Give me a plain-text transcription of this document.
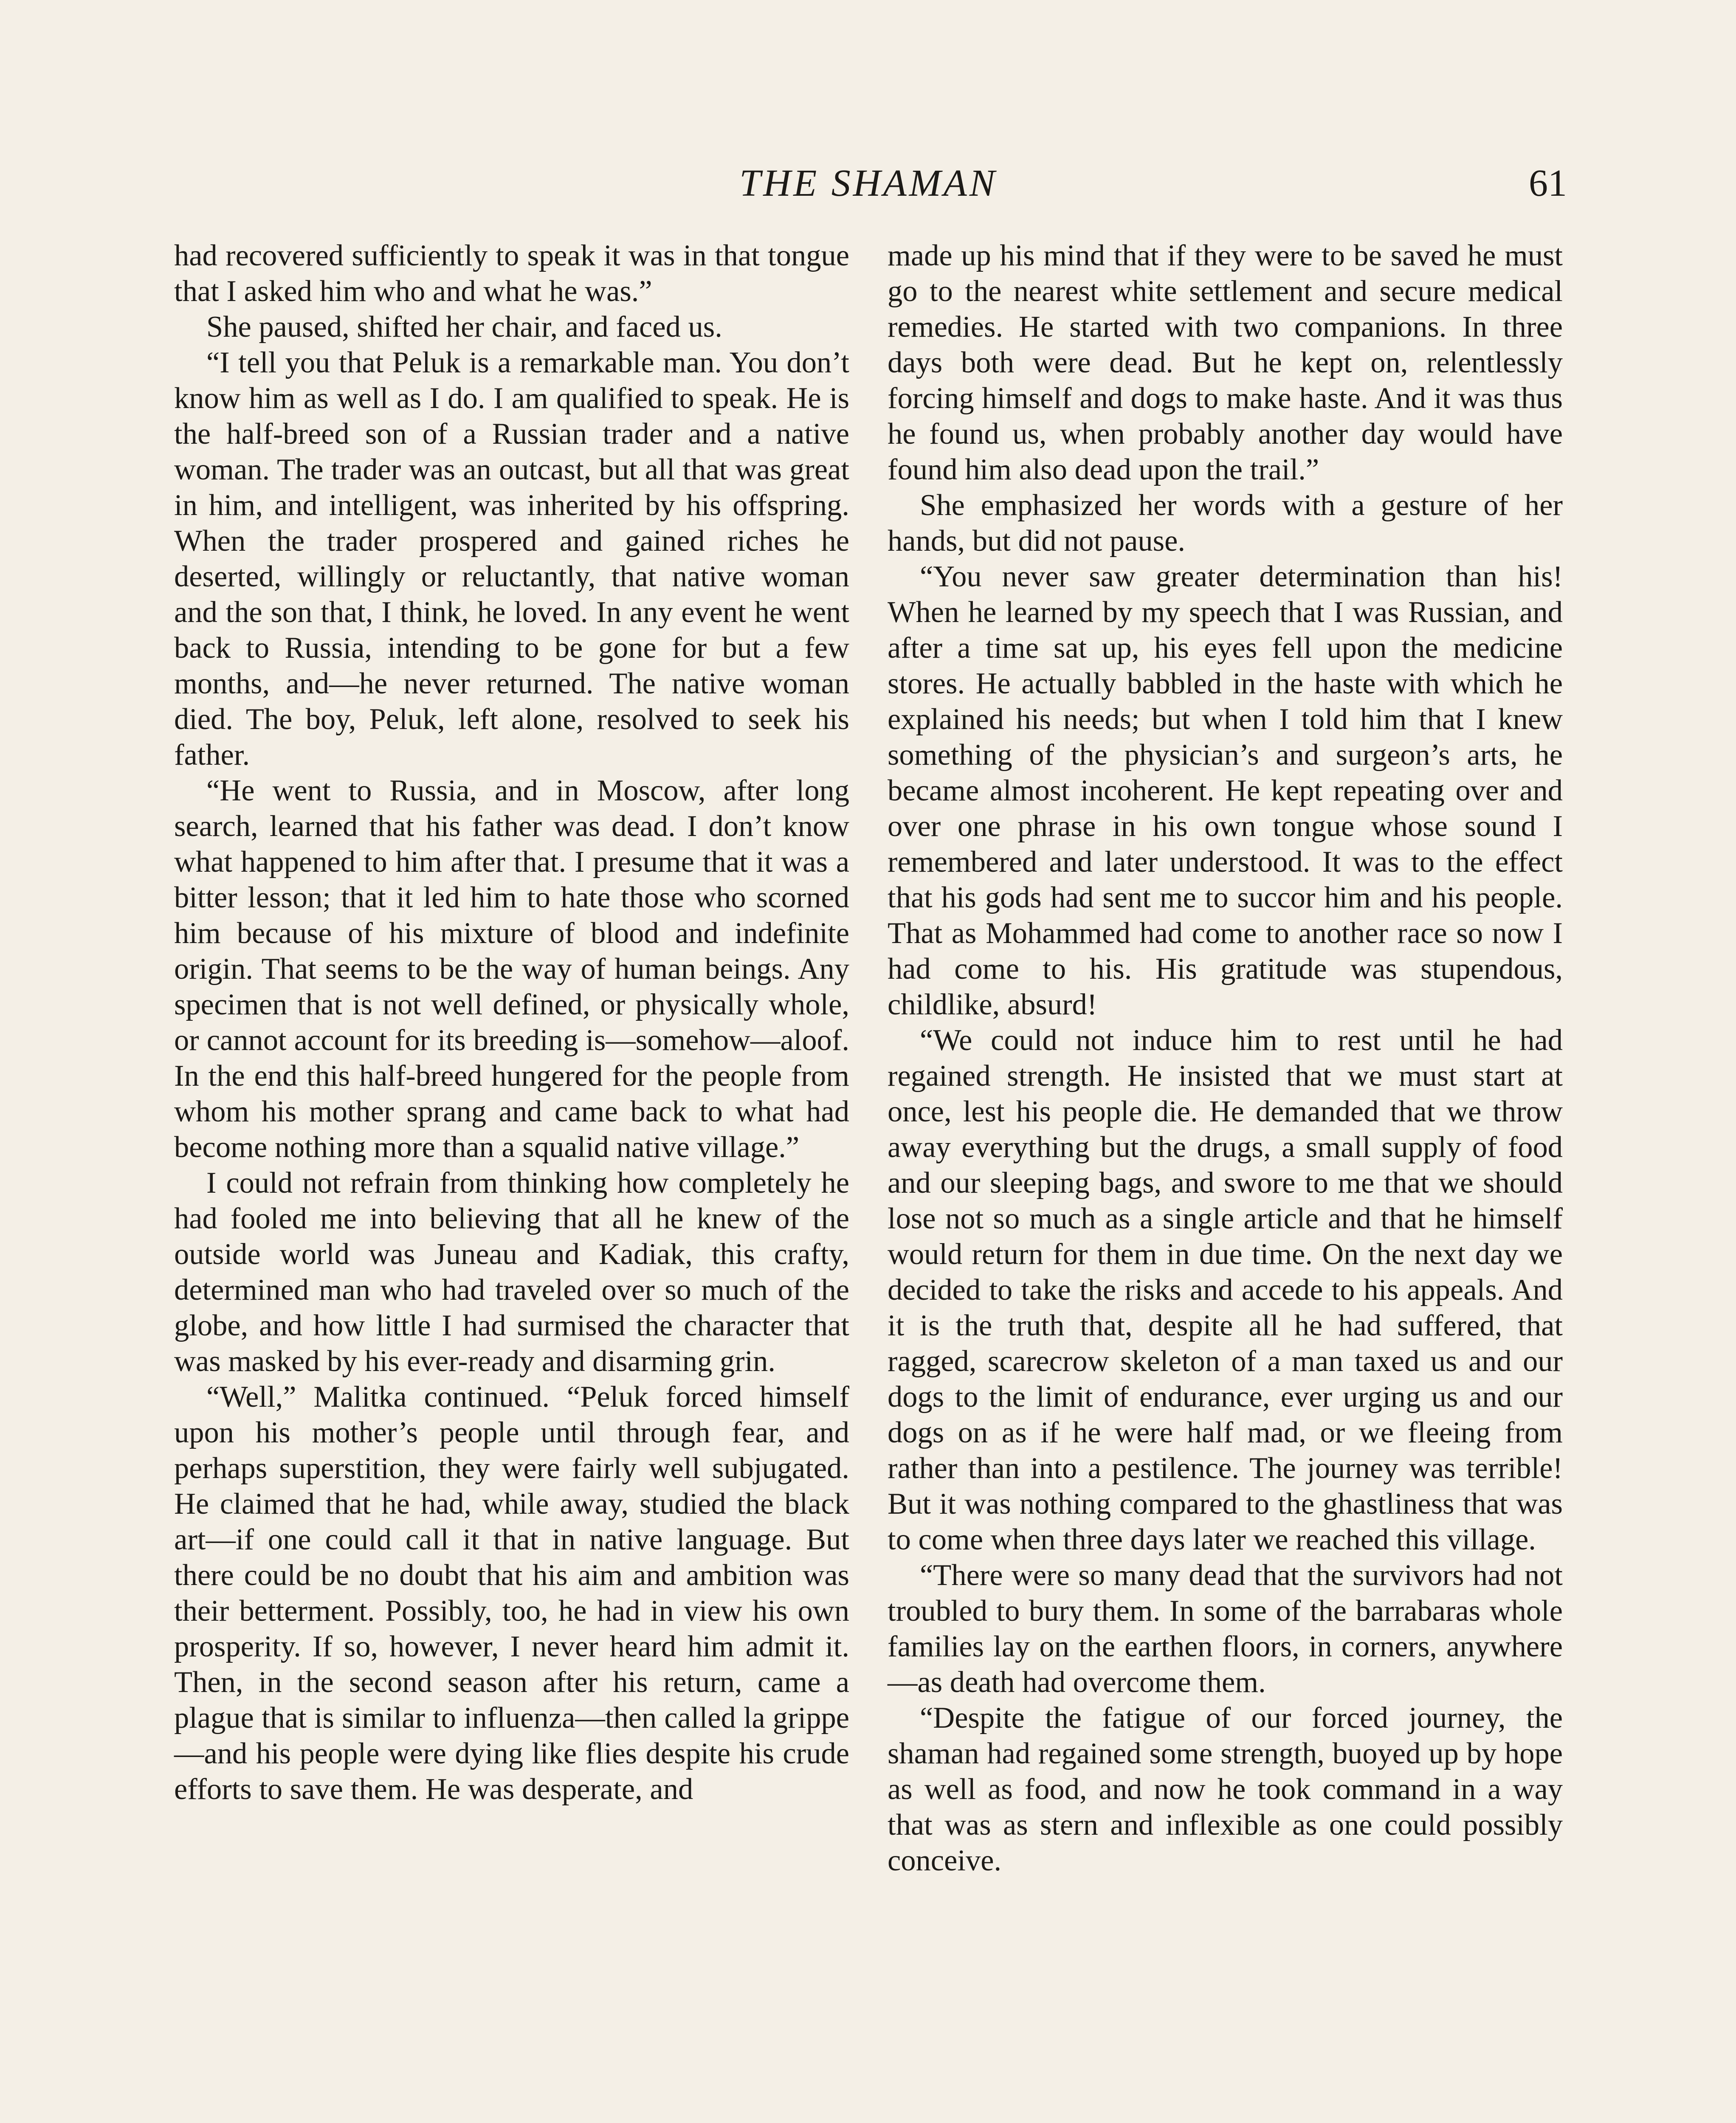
THE SHAMAN	61

had recovered sufficiently to speak it was in that tongue that I asked him who and what he was.”

She paused, shifted her chair, and faced us.

“I tell you that Peluk is a remarkable man. You don’t know him as well as I do. I am qualified to speak. He is the half-breed son of a Russian trader and a native woman. The trader was an outcast, but all that was great in him, and intelligent, was inherited by his offspring. When the trader prospered and gained riches he deserted, willingly or reluctantly, that native woman and the son that, I think, he loved. In any event he went back to Russia, intending to be gone for but a few months, and—he never returned. The native woman died. The boy, Peluk, left alone, resolved to seek his father.

“He went to Russia, and in Moscow, after long search, learned that his father was dead. I don’t know what happened to him after that. I presume that it was a bitter lesson; that it led him to hate those who scorned him because of his mixture of blood and indefinite origin. That seems to be the way of human beings. Any specimen that is not well defined, or physically whole, or cannot account for its breeding is—somehow—aloof. In the end this half-breed hungered for the people from whom his mother sprang and came back to what had become nothing more than a squalid native village.”

I could not refrain from thinking how completely he had fooled me into believing that all he knew of the outside world was Juneau and Kadiak, this crafty, determined man who had traveled over so much of the globe, and how little I had surmised the character that was masked by his ever-ready and disarming grin.

“Well,” Malitka continued. “Peluk forced himself upon his mother’s people until through fear, and perhaps superstition, they were fairly well subjugated. He claimed that he had, while away, studied the black art—if one could call it that in native language. But there could be no doubt that his aim and ambition was their betterment. Possibly, too, he had in view his own prosperity. If so, however, I never heard him admit it. Then, in the second season after his return, came a plague that is similar to influenza—then called la grippe—and his people were dying like flies despite his crude efforts to save them. He was desperate, and

made up his mind that if they were to be saved he must go to the nearest white settlement and secure medical remedies. He started with two companions. In three days both were dead. But he kept on, relentlessly forcing himself and dogs to make haste. And it was thus he found us, when probably another day would have found him also dead upon the trail.”

She emphasized her words with a gesture of her hands, but did not pause.

“You never saw greater determination than his! When he learned by my speech that I was Russian, and after a time sat up, his eyes fell upon the medicine stores. He actually babbled in the haste with which he explained his needs; but when I told him that I knew something of the physician’s and surgeon’s arts, he became almost incoherent. He kept repeating over and over one phrase in his own tongue whose sound I remembered and later understood. It was to the effect that his gods had sent me to succor him and his people. That as Mohammed had come to another race so now I had come to his. His gratitude was stupendous, childlike, absurd!

“We could not induce him to rest until he had regained strength. He insisted that we must start at once, lest his people die. He demanded that we throw away everything but the drugs, a small supply of food and our sleeping bags, and swore to me that we should lose not so much as a single article and that he himself would return for them in due time. On the next day we decided to take the risks and accede to his appeals. And it is the truth that, despite all he had suffered, that ragged, scarecrow skeleton of a man taxed us and our dogs to the limit of endurance, ever urging us and our dogs on as if he were half mad, or we fleeing from rather than into a pestilence. The journey was terrible! But it was nothing compared to the ghastliness that was to come when three days later we reached this village.

“There were so many dead that the survivors had not troubled to bury them. In some of the barrabaras whole families lay on the earthen floors, in corners, anywhere—as death had overcome them.

“Despite the fatigue of our forced journey, the shaman had regained some strength, buoyed up by hope as well as food, and now he took command in a way that was as stern and inflexible as one could possibly conceive.
